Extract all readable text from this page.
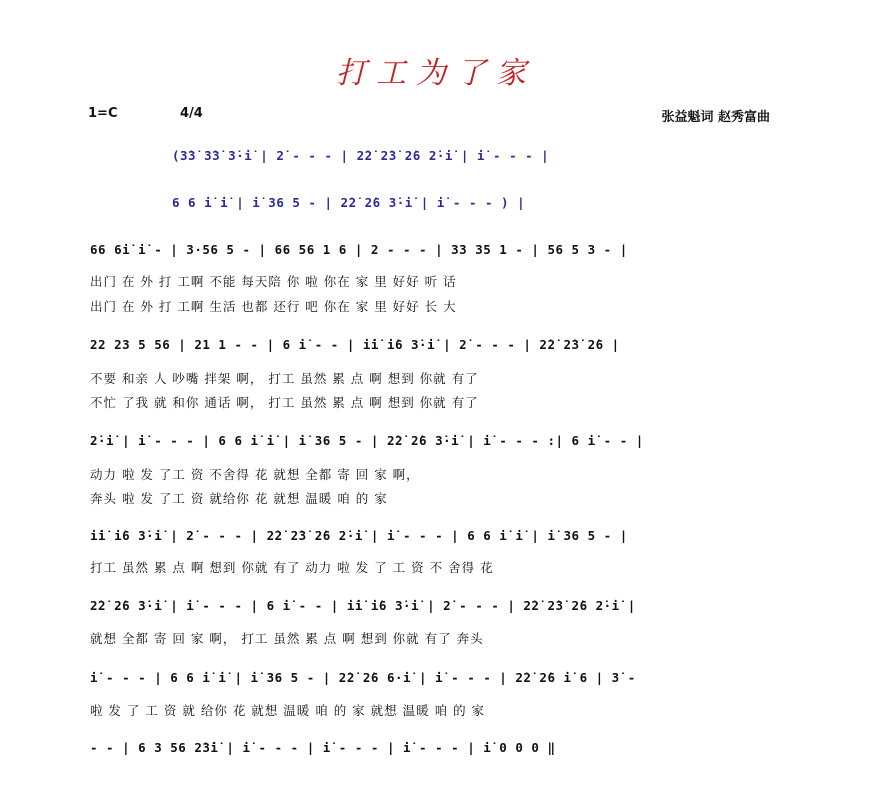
打工为了家
1=C	4/4	张益魁词 赵秀富曲
(3̇3̇ 3̇3̇ 3̇·i̇ | 2̇ - - - | 2̇2̇ 2̇3̇ 2̇6 2̇·i̇ | i̇ - - - |
6 6 i̇ i̇ | i̇ 36 5 - | 2̇2̇ 2̇6 3̇·i̇ | i̇ - - - ) |
66 6i̇ i̇ - | 3·56 5 - | 66 56 1 6 | 2 - - - | 33 35 1 - | 56 5 3 - |
出门 在 外 打 工啊 不能 每天陪 你 啦 你在 家 里 好好 听 话
出门 在 外 打 工啊 生活 也都 还行 吧 你在 家 里 好好 长 大
22 23 5 56 | 21 1 - - | 6 i̇ - - | i̇i̇ i̇6 3̇·i̇ | 2̇ - - - | 2̇2̇ 2̇3̇ 2̇6 |
不要 和亲 人 吵嘴 拌架 啊， 打工 虽然 累 点 啊 想到 你就 有了
不忙 了我 就 和你 通话 啊， 打工 虽然 累 点 啊 想到 你就 有了
2̇·i̇ | i̇ - - - | 6 6 i̇ i̇ | i̇ 36 5 - | 2̇2̇ 2̇6 3̇·i̇ | i̇ - - - :| 6 i̇ - - |
动力 啦 发 了工 资 不舍得 花 就想 全都 寄 回 家 啊，
奔头 啦 发 了工 资 就给你 花 就想 温暖 咱 的 家
i̇i̇ i̇6 3̇·i̇ | 2̇ - - - | 2̇2̇ 2̇3̇ 2̇6 2̇·i̇ | i̇ - - - | 6 6 i̇ i̇ | i̇ 36 5 - |
打工 虽然 累 点 啊 想到 你就 有了 动力 啦 发 了 工 资 不 舍得 花
2̇2̇ 2̇6 3̇·i̇ | i̇ - - - | 6 i̇ - - | i̇i̇ i̇6 3̇·i̇ | 2̇ - - - | 2̇2̇ 2̇3̇ 2̇6 2̇·i̇ |
就想 全都 寄 回 家 啊， 打工 虽然 累 点 啊 想到 你就 有了 奔头
i̇ - - - | 6 6 i̇ i̇ | i̇ 36 5 - | 2̇2̇ 2̇6 6·i̇ | i̇ - - - | 2̇2̇ 2̇6 i̇ 6 | 3̇ -
啦 发 了 工 资 就 给你 花 就想 温暖 咱 的 家 就想 温暖 咱 的 家
- - | 6 3 56 2̇3̇i̇ | i̇ - - - | i̇ - - - | i̇ - - - | i̇ 0 0 0 ‖
